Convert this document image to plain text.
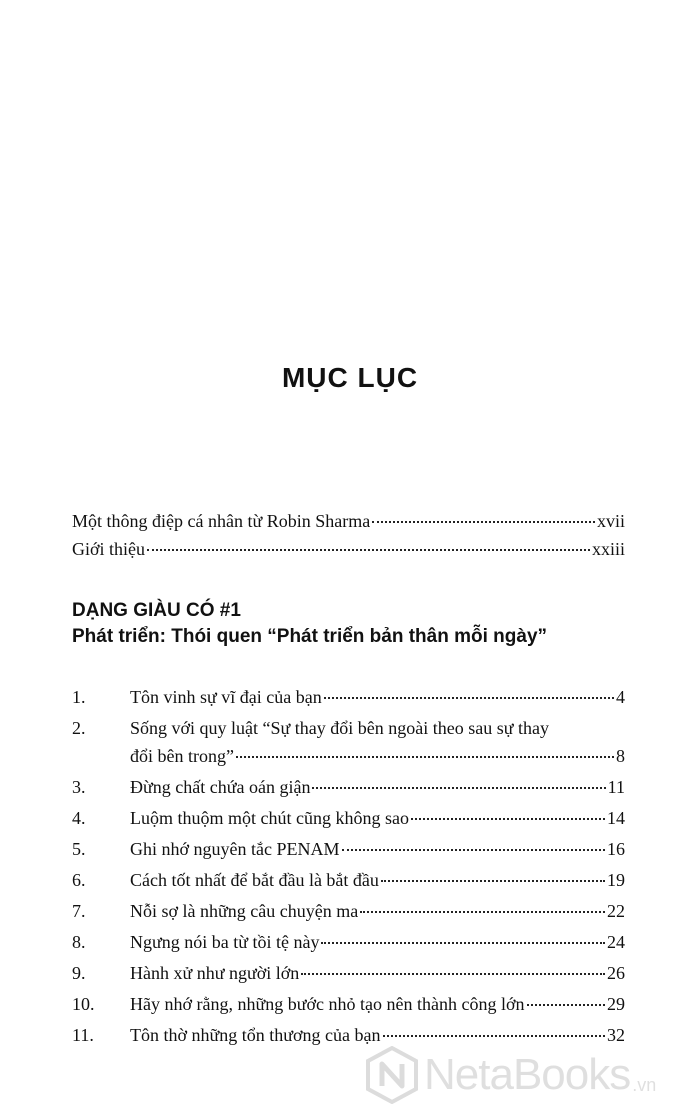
MỤC LỤC
Một thông điệp cá nhân từ Robin Sharma	xvii
Giới thiệu	xxiii
DẠNG GIÀU CÓ #1
Phát triển: Thói quen “Phát triển bản thân mỗi ngày”
1.	Tôn vinh sự vĩ đại của bạn	4
2.	Sống với quy luật “Sự thay đổi bên ngoài theo sau sự thay
đổi bên trong”	8
3.	Đừng chất chứa oán giận	11
4.	Luộm thuộm một chút cũng không sao	14
5.	Ghi nhớ nguyên tắc PENAM	16
6.	Cách tốt nhất để bắt đầu là bắt đầu	19
7.	Nỗi sợ là những câu chuyện ma	22
8.	Ngưng nói ba từ tồi tệ này	24
9.	Hành xử như người lớn	26
10.	Hãy nhớ rằng, những bước nhỏ tạo nên thành công lớn	29
11.	Tôn thờ những tổn thương của bạn	32
NetaBooks .vn
